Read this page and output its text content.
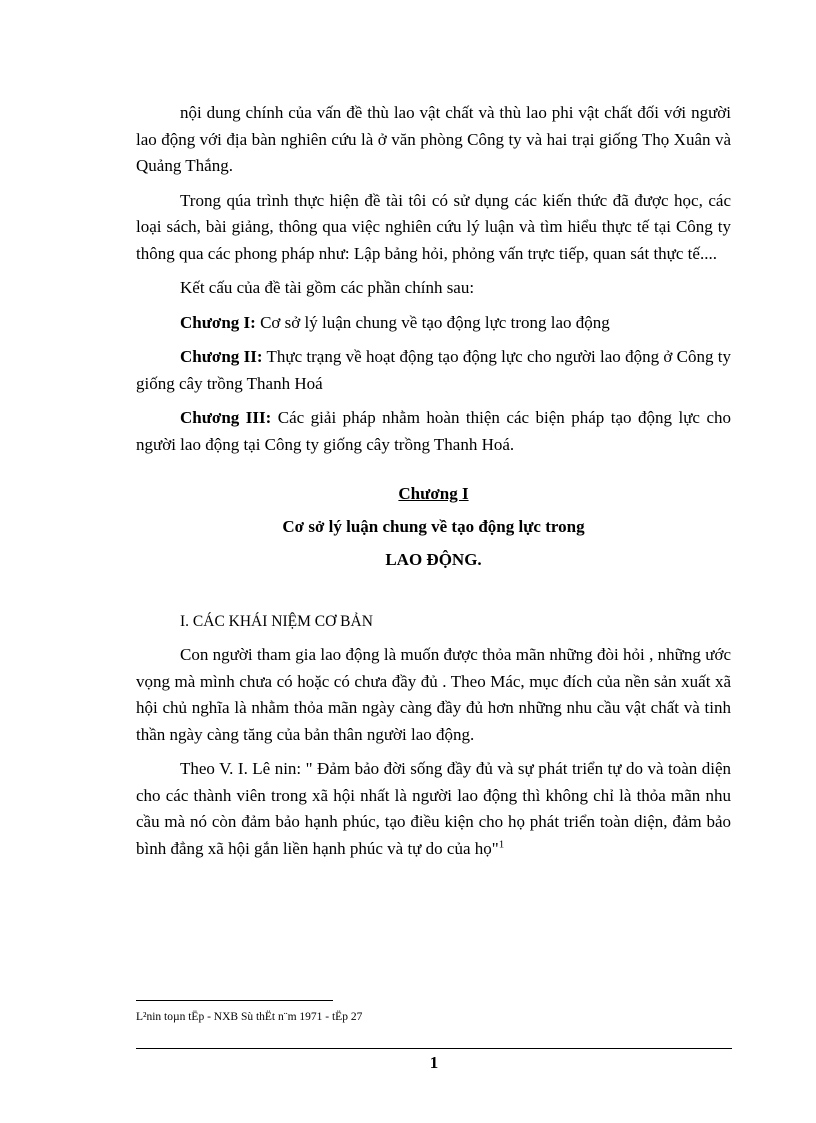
nội dung chính của vấn đề thù lao vật chất và thù lao phi vật chất đối với người lao động với địa bàn nghiên cứu là ở văn phòng Công ty và hai trại giống Thọ Xuân và Quảng Thắng.

Trong qúa trình thực hiện đề tài tôi có sử dụng các kiến thức đã được học, các loại sách, bài giảng, thông qua việc nghiên cứu lý luận và tìm hiểu thực tế tại Công ty thông qua các phong pháp như: Lập bảng hỏi, phỏng vấn trực tiếp, quan sát thực tế....

Kết cấu của đề tài gồm các phần chính sau:

Chương I: Cơ sở lý luận chung về tạo động lực trong lao động

Chương II: Thực trạng về hoạt động tạo động lực cho người lao động ở Công ty giống cây trồng Thanh Hoá

Chương III: Các giải pháp nhằm hoàn thiện các biện pháp tạo động lực cho người lao động tại Công ty giống cây trồng Thanh Hoá.

Chương I
Cơ sở lý luận chung về tạo động lực trong
LAO ĐỘNG.
I. CÁC KHÁI NIỆM CƠ BẢN

Con người tham gia lao động là muốn được thỏa mãn những đòi hỏi , những ước vọng mà mình chưa có hoặc có chưa đầy đủ . Theo Mác, mục đích của nền sản xuất xã hội chủ nghĩa là nhằm thỏa mãn ngày càng đầy đủ hơn những nhu cầu vật chất và tinh thần ngày càng tăng của bản thân người lao động.

Theo V. I. Lê nin: " Đảm bảo đời sống đầy đủ và sự phát triển tự do và toàn diện cho các thành viên trong xã hội nhất là người lao động thì không chỉ là thỏa mãn nhu cầu mà nó còn đảm bảo hạnh phúc, tạo điều kiện cho họ phát triển toàn diện, đảm bảo bình đẳng xã hội gắn liền hạnh phúc và tự do của họ"$^1$

L²nin toµn tËp - NXB Sù thËt n¨m 1971 - tËp 27
1
